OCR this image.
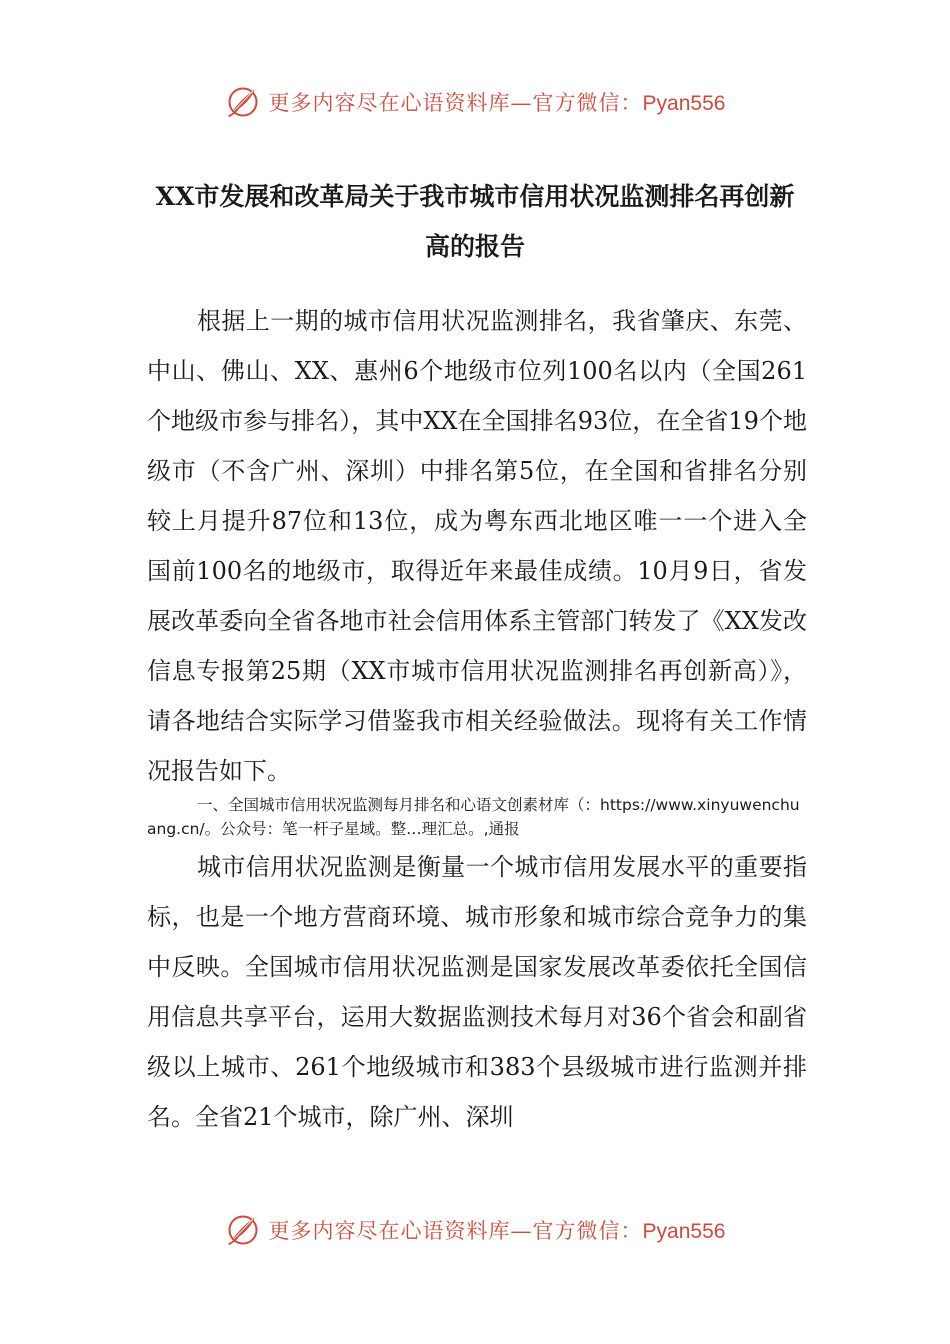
更多内容尽在心语资料库—官方微信：Pyan556
XX市发展和改革局关于我市城市信用状况监测排名再创新高的报告

根据上一期的城市信用状况监测排名，我省肇庆、东莞、中山、佛山、XX、惠州6个地级市位列100名以内（全国261个地级市参与排名），其中XX在全国排名93位，在全省19个地级市（不含广州、深圳）中排名第5位，在全国和省排名分别较上月提升87位和13位，成为粤东西北地区唯一一个进入全国前100名的地级市，取得近年来最佳成绩。10月9日，省发展改革委向全省各地市社会信用体系主管部门转发了《XX发改信息专报第25期（XX市城市信用状况监测排名再创新高）》，请各地结合实际学习借鉴我市相关经验做法。现将有关工作情况报告如下。

一、全国城市信用状况监测每月排名和心语文创素材库（：https://www.xinyuwenchuang.cn/。公众号：笔一杆子星域。整…理汇总。,通报

城市信用状况监测是衡量一个城市信用发展水平的重要指标，也是一个地方营商环境、城市形象和城市综合竞争力的集中反映。全国城市信用状况监测是国家发展改革委依托全国信用信息共享平台，运用大数据监测技术每月对36个省会和副省级以上城市、261个地级城市和383个县级城市进行监测并排名。全省21个城市，除广州、深圳

更多内容尽在心语资料库—官方微信：Pyan556
